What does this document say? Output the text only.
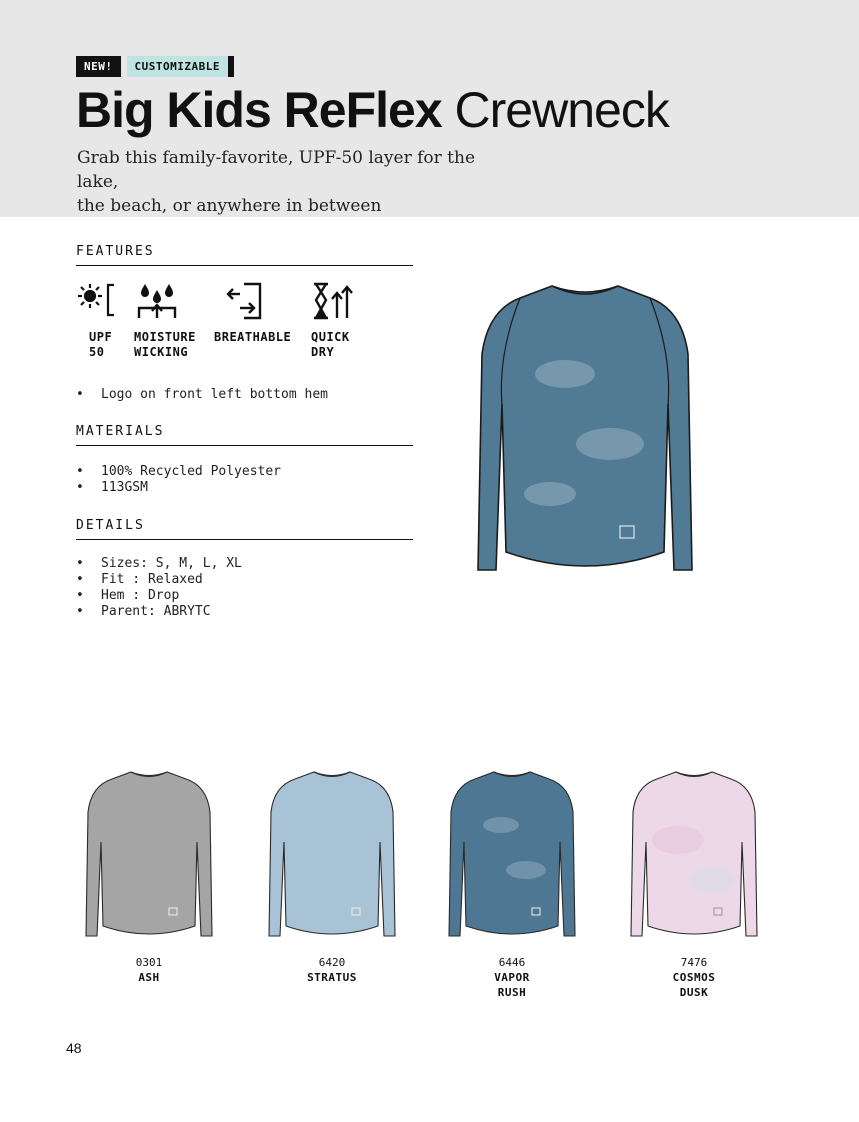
NEW!	CUSTOMIZABLE
Big Kids ReFlex Crewneck
Grab this family-favorite, UPF-50 layer for the lake,
the beach, or anywhere in between
FEATURES
UPF
50
MOISTURE
WICKING
BREATHABLE QUICK
DRY
• Logo on front left bottom hem
MATERIALS
• 100% Recycled Polyester
• 113GSM
DETAILS
• Sizes: S, M, L, XL
• Fit : Relaxed
• Hem : Drop
• Parent: ABRYTC
0301
ASH
6420
STRATUS
6446
VAPOR
RUSH
7476
COSMOS
DUSK
48
